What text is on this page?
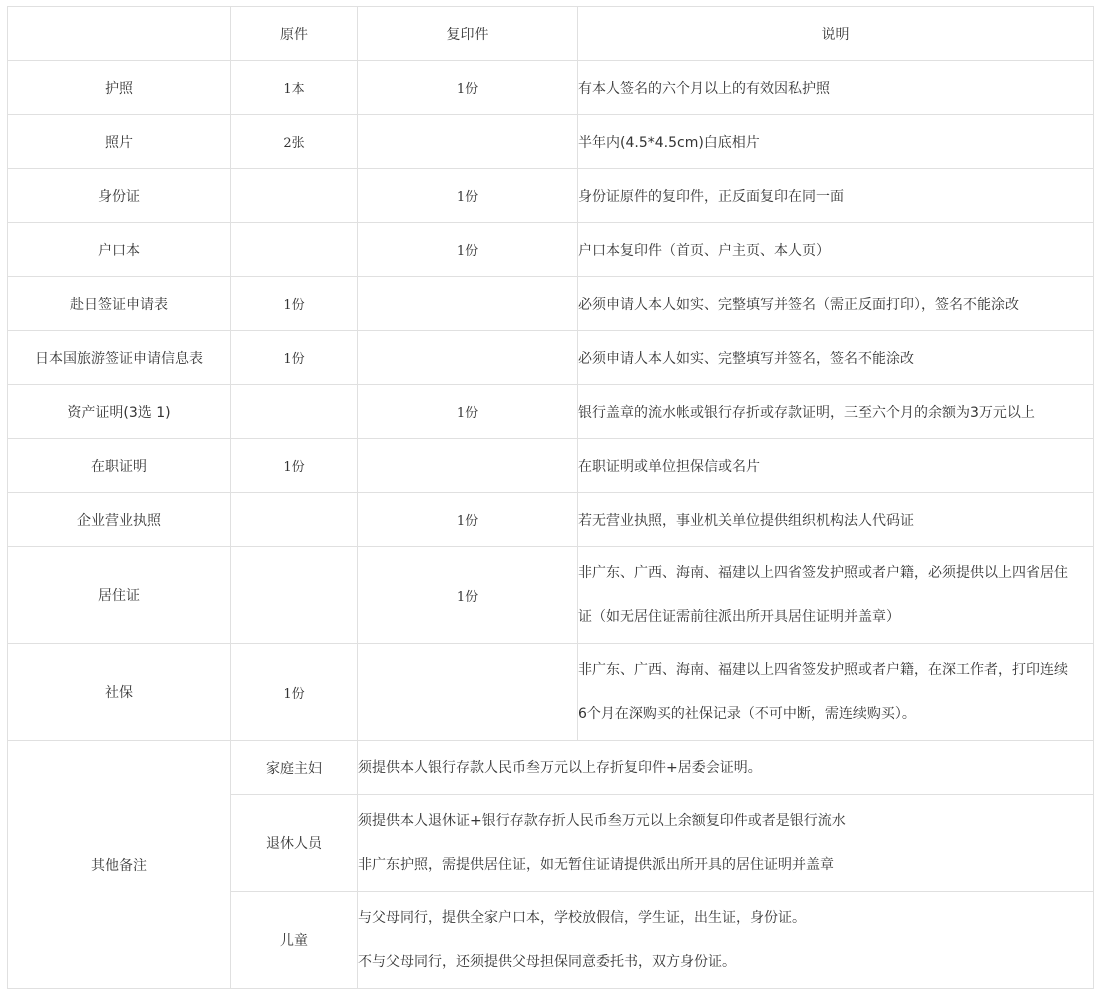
	原件	复印件	说明
护照	1本	1份	有本人签名的六个月以上的有效因私护照
照片	2张		半年内(4.5*4.5cm)白底相片
身份证		1份	身份证原件的复印件，正反面复印在同一面
户口本		1份	户口本复印件（首页、户主页、本人页）
赴日签证申请表	1份		必须申请人本人如实、完整填写并签名（需正反面打印），签名不能涂改
日本国旅游签证申请信息表	1份		必须申请人本人如实、完整填写并签名，签名不能涂改
资产证明(3选 1)		1份	银行盖章的流水帐或银行存折或存款证明，三至六个月的余额为3万元以上
在职证明	1份		在职证明或单位担保信或名片
企业营业执照		1份	若无营业执照，事业机关单位提供组织机构法人代码证
居住证		1份	非广东、广西、海南、福建以上四省签发护照或者户籍，必须提供以上四省居住
证（如无居住证需前往派出所开具居住证明并盖章）

社保	1份		非广东、广西、海南、福建以上四省签发护照或者户籍，在深工作者，打印连续
6个月在深购买的社保记录（不可中断，需连续购买）。

其他备注	家庭主妇	须提供本人银行存款人民币叁万元以上存折复印件+居委会证明。	

	退休人员	须提供本人退休证+银行存款存折人民币叁万元以上余额复印件或者是银行流水
非广东护照，需提供居住证，如无暂住证请提供派出所开具的居住证明并盖章	

	儿童	与父母同行，提供全家户口本，学校放假信，学生证，出生证，身份证。
不与父母同行，还须提供父母担保同意委托书，双方身份证。	
